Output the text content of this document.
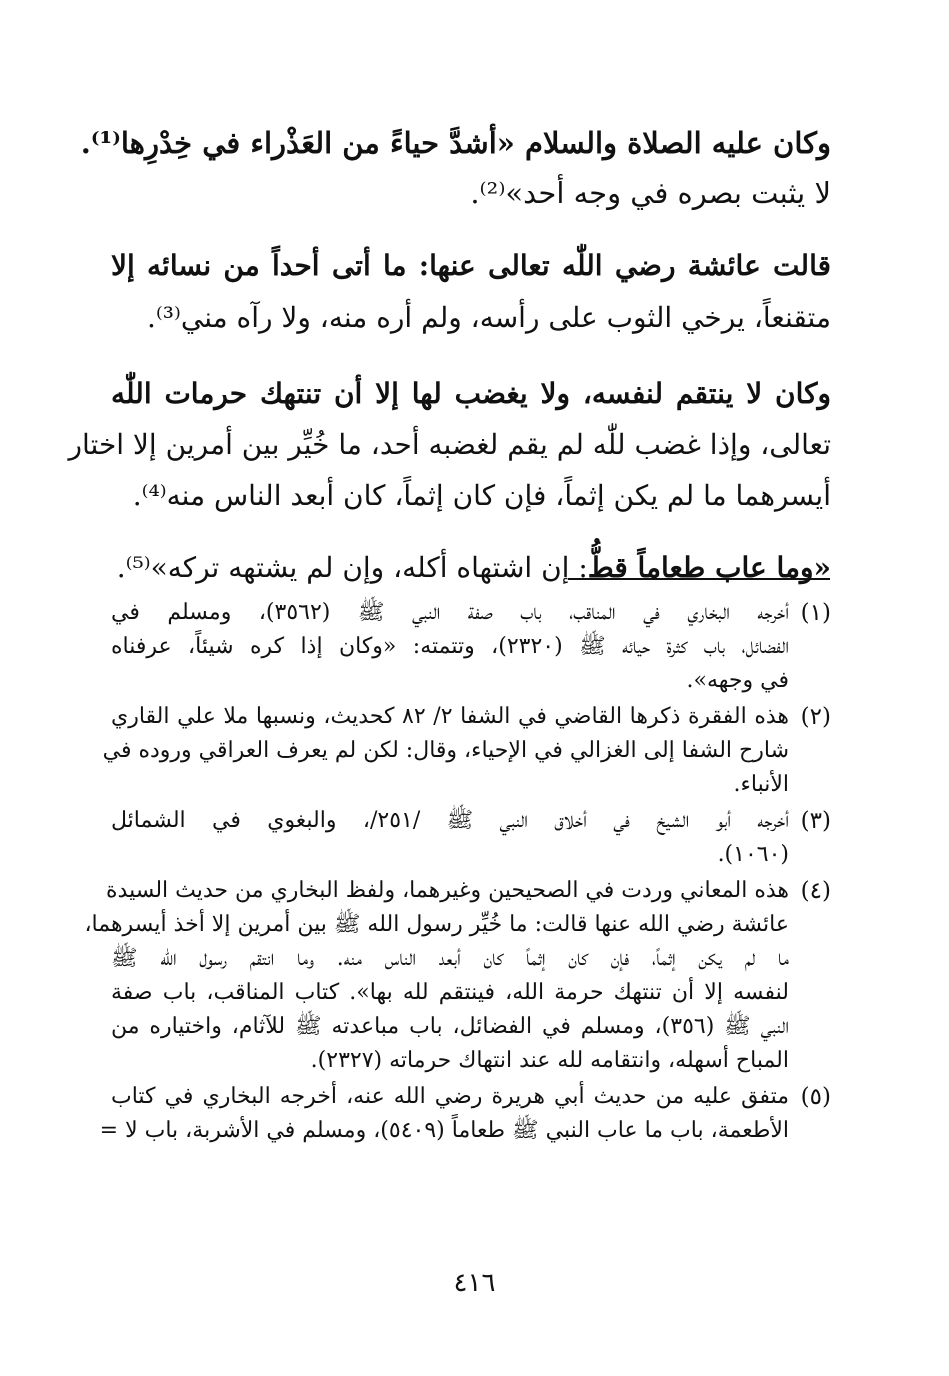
وكان عليه الصلاة والسلام «أشدَّ حياءً من العَذْراء في خِدْرِها⁽¹⁾.
لا يثبت بصره في وجه أحد»⁽²⁾.
قالت عائشة رضي اللّٰه تعالى عنها: ما أتى أحداً من نسائه إلا
متقنعاً، يرخي الثوب على رأسه، ولم أره منه، ولا رآه مني⁽³⁾.
وكان لا ينتقم لنفسه، ولا يغضب لها إلا أن تنتهك حرمات اللّٰه
تعالى، وإذا غضب للّٰه لم يقم لغضبه أحد، ما خُيِّر بين أمرين إلا اختار
أيسرهما ما لم يكن إثماً، فإن كان إثماً، كان أبعد الناس منه⁽⁴⁾.
«وما عاب طعاماً قطُّ: إن اشتهاه أكله، وإن لم يشتهه تركه»⁽⁵⁾.
(١)
أخرجه البخاري في المناقب، باب صفة النبي ﷺ (٣٥٦٢)، ومسلم في
الفضائل، باب كثرة حيائه ﷺ (٢٣٢٠)، وتتمته: «وكان إذا كره شيئاً، عرفناه
في وجهه».
(٢)
هذه الفقرة ذكرها القاضي في الشفا ٢/ ٨٢ كحديث، ونسبها ملا علي القاري
شارح الشفا إلى الغزالي في الإحياء، وقال: لكن لم يعرف العراقي وروده في
الأنباء.
(٣)
أخرجه أبو الشيخ في أخلاق النبي ﷺ /٢٥١/، والبغوي في الشمائل
(١٠٦٠).
(٤)
هذه المعاني وردت في الصحيحين وغيرهما، ولفظ البخاري من حديث السيدة
عائشة رضي الله عنها قالت: ما خُيِّر رسول الله ﷺ بين أمرين إلا أخذ أيسرهما،
ما لم يكن إثماً، فإن كان إثماً كان أبعد الناس منه. وما انتقم رسول الله ﷺ
لنفسه إلا أن تنتهك حرمة الله، فينتقم لله بها». كتاب المناقب، باب صفة
النبي ﷺ (٣٥٦)، ومسلم في الفضائل، باب مباعدته ﷺ للآثام، واختياره من
المباح أسهله، وانتقامه لله عند انتهاك حرماته (٢٣٢٧).
(٥)
متفق عليه من حديث أبي هريرة رضي الله عنه، أخرجه البخاري في كتاب
الأطعمة، باب ما عاب النبي ﷺ طعاماً (٥٤٠٩)، ومسلم في الأشربة، باب لا =
٤١٦
